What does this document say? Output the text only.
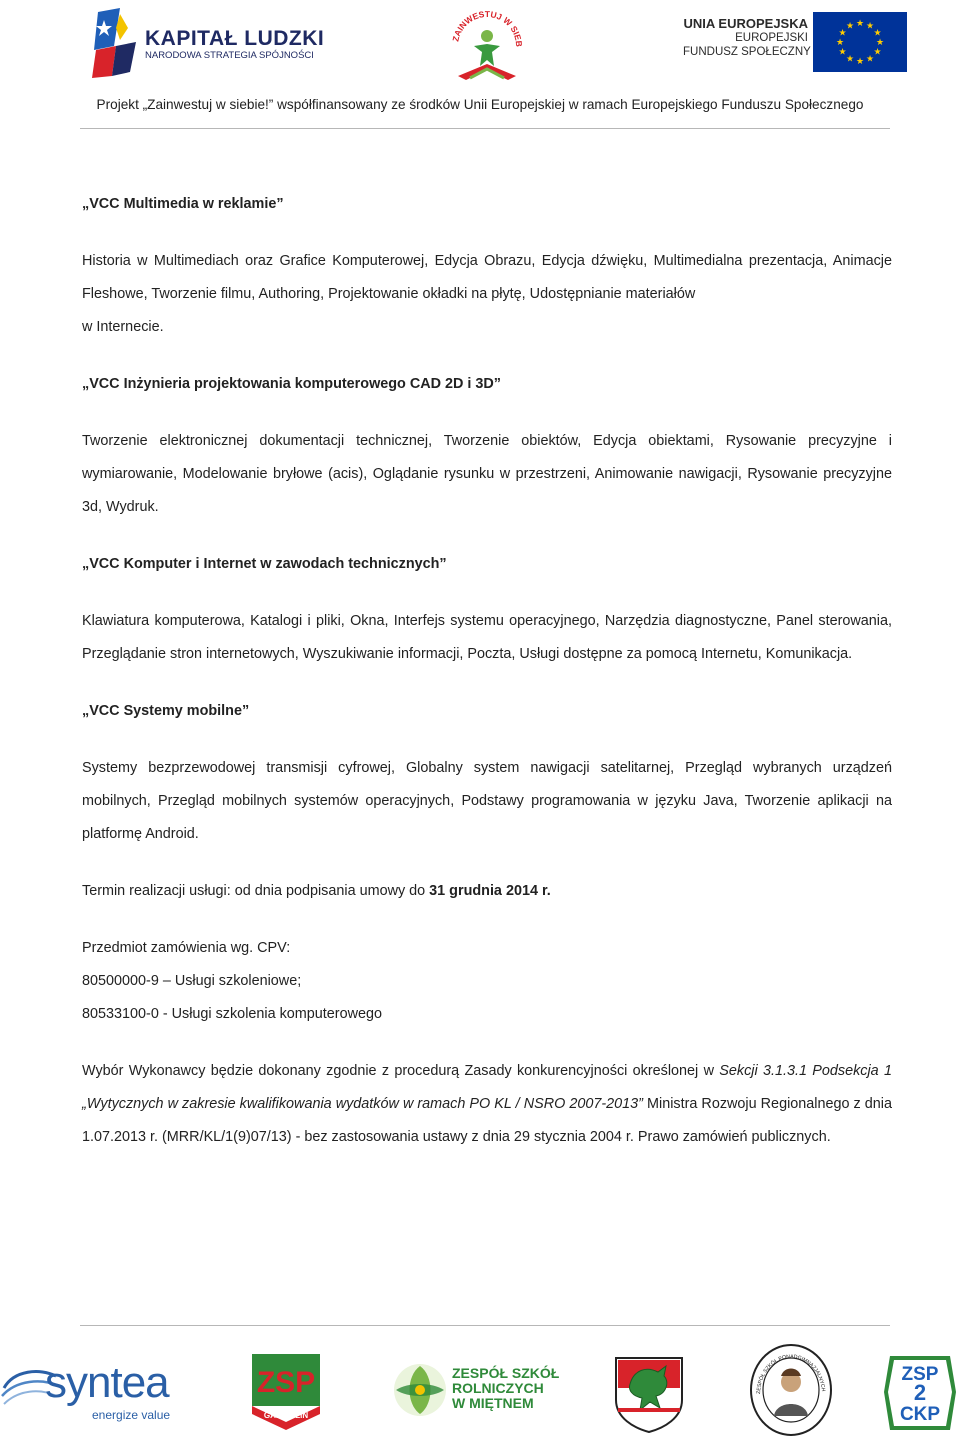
KAPITAŁ LUDZKI
NARODOWA STRATEGIA SPÓJNOŚCI
ZAINWESTUJ W SIEB
UNIA EUROPEJSKA
EUROPEJSKI
FUNDUSZ SPOŁECZNY
★ ★
★
★
★
★
★
★
★
★
★
★
Projekt „Zainwestuj w siebie!” współfinansowany ze środków Unii Europejskiej w ramach Europejskiego Funduszu Społecznego

„VCC Multimedia w reklamie”

Historia w Multimediach oraz Grafice Komputerowej, Edycja Obrazu, Edycja dźwięku, Multimedialna prezentacja, Animacje Fleshowe, Tworzenie filmu, Authoring, Projektowanie okładki na płytę, Udostępnianie materiałów

w Internecie.

„VCC Inżynieria projektowania komputerowego CAD 2D i 3D”

Tworzenie elektronicznej dokumentacji technicznej, Tworzenie obiektów, Edycja obiektami, Rysowanie precyzyjne i wymiarowanie, Modelowanie bryłowe (acis), Oglądanie rysunku w przestrzeni, Animowanie nawigacji, Rysowanie precyzyjne 3d, Wydruk.

„VCC Komputer i Internet w zawodach technicznych”

Klawiatura komputerowa, Katalogi i pliki, Okna, Interfejs systemu operacyjnego, Narzędzia diagnostyczne, Panel sterowania, Przeglądanie stron internetowych, Wyszukiwanie informacji, Poczta, Usługi dostępne za pomocą Internetu, Komunikacja.

„VCC Systemy mobilne”

Systemy bezprzewodowej transmisji cyfrowej, Globalny system nawigacji satelitarnej, Przegląd wybranych urządzeń mobilnych, Przegląd mobilnych systemów operacyjnych, Podstawy programowania w języku Java, Tworzenie aplikacji na platformę Android.

Termin realizacji usługi: od dnia podpisania umowy do 31 grudnia 2014 r.

Przedmiot zamówienia wg. CPV:

80500000-9 – Usługi szkoleniowe;

80533100-0 - Usługi szkolenia komputerowego

Wybór Wykonawcy będzie dokonany zgodnie z procedurą Zasady konkurencyjności określonej w Sekcji 3.1.3.1 Podsekcja 1 „Wytycznych w zakresie kwalifikowania wydatków w ramach PO KL / NSRO 2007-2013” Ministra Rozwoju Regionalnego z dnia 1.07.2013 r. (MRR/KL/1(9)07/13) - bez zastosowania ustawy z dnia 29 stycznia 2004 r. Prawo zamówień publicznych.

syntea
energize value
ZSP
GARWOLIN
ZESPÓŁ SZKÓŁ
ROLNICZYCH
W MIĘTNEM
ZESPÓŁ SZKÓŁ PONADGIMNAZJALNYCH
ZSP
2
CKP
